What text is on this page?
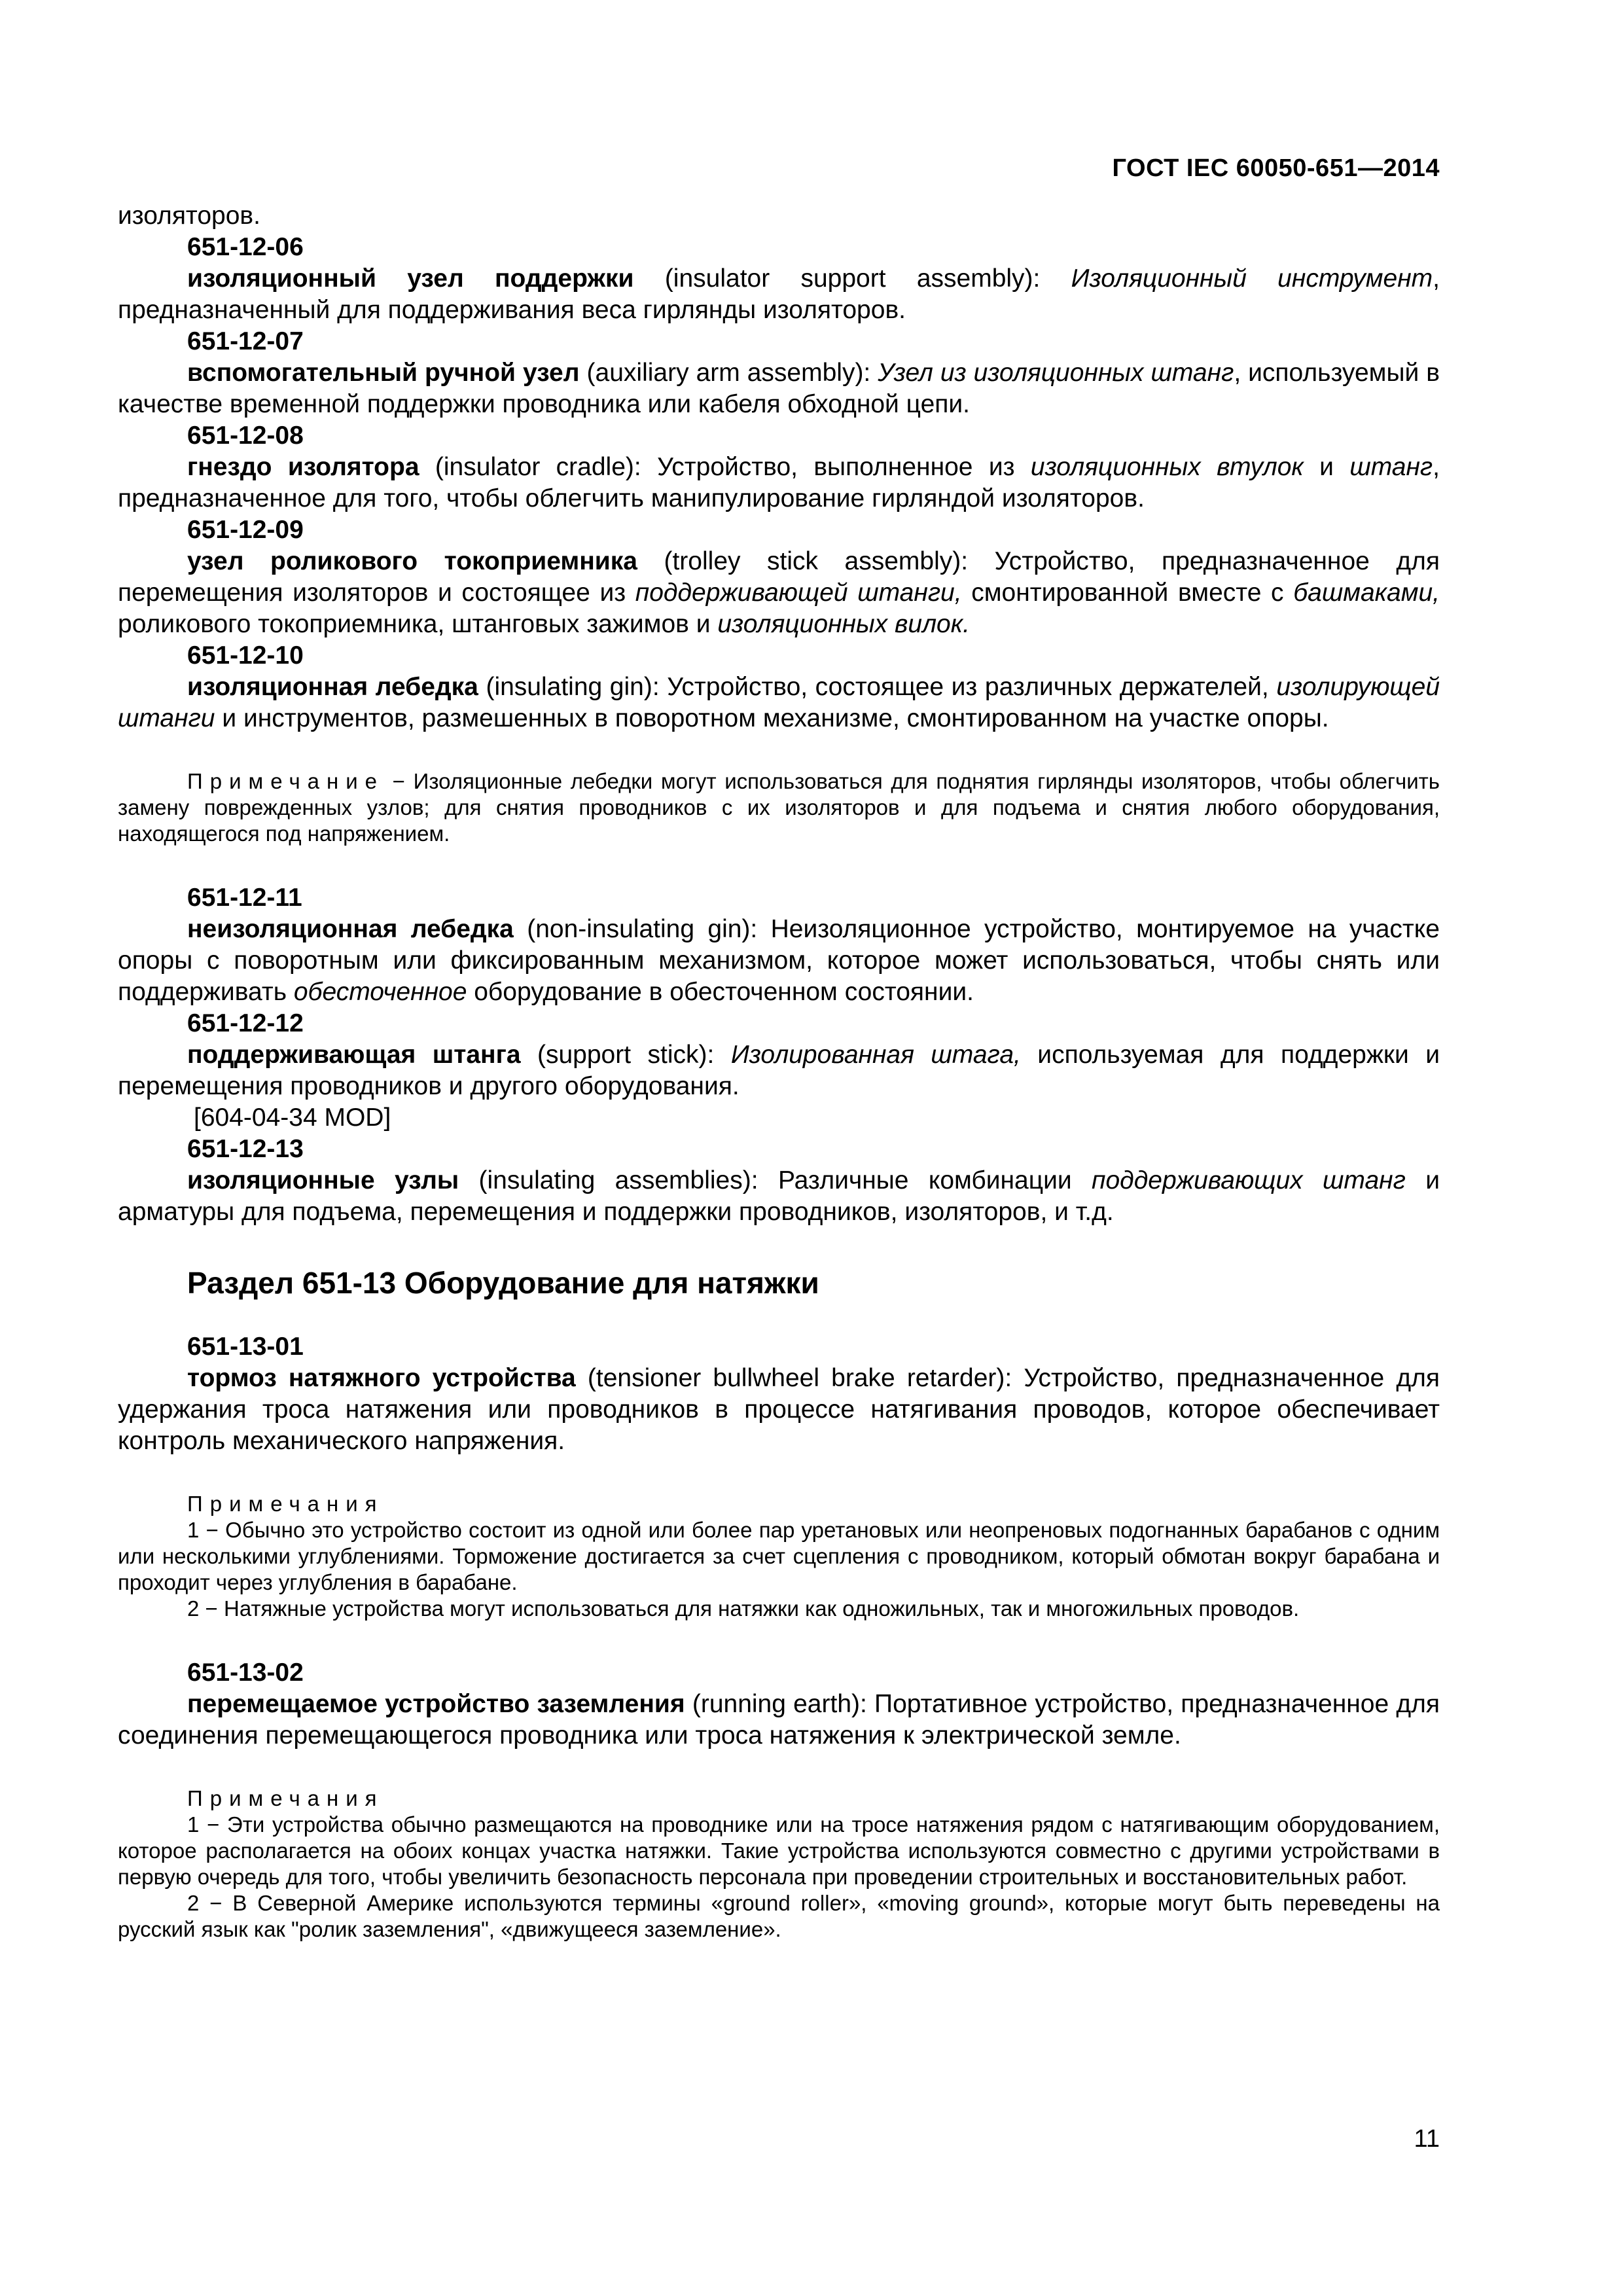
ГОСТ IEC 60050-651—2014

изоляторов.

651-12-06

изоляционный узел поддержки (insulator support assembly): Изоляционный инструмент, предназначенный для поддерживания веса гирлянды изоляторов.

651-12-07

вспомогательный ручной узел (auxiliary arm assembly): Узел из изоляционных штанг, используемый в качестве временной поддержки проводника или кабеля обходной цепи.

651-12-08

гнездо изолятора (insulator cradle): Устройство, выполненное из изоляционных втулок и штанг, предназначенное для того, чтобы облегчить манипулирование гирляндой изоляторов.

651-12-09

узел роликового токоприемника (trolley stick assembly): Устройство, предназначенное для перемещения изоляторов и состоящее из поддерживающей штанги, смонтированной вместе с башмаками, роликового токоприемника, штанговых зажимов и изоляционных вилок.

651-12-10

изоляционная лебедка (insulating gin): Устройство, состоящее из различных держателей, изолирующей штанги и инструментов, размешенных в поворотном механизме, смонтированном на участке опоры.

Примечание − Изоляционные лебедки могут использоваться для поднятия гирлянды изоляторов, чтобы облегчить замену поврежденных узлов; для снятия проводников с их изоляторов и для подъема и снятия любого оборудования, находящегося под напряжением.

651-12-11

неизоляционная лебедка (non-insulating gin): Неизоляционное устройство, монтируемое на участке опоры с поворотным или фиксированным механизмом, которое может использоваться, чтобы снять или поддерживать обесточенное оборудование в обесточенном состоянии.

651-12-12

поддерживающая штанга (support stick): Изолированная штага, используемая для поддержки и перемещения проводников и другого оборудования.

[604-04-34 MOD]

651-12-13

изоляционные узлы (insulating assemblies): Различные комбинации поддерживающих штанг и арматуры для подъема, перемещения и поддержки проводников, изоляторов, и т.д.

Раздел 651-13 Оборудование для натяжки

651-13-01

тормоз натяжного устройства (tensioner bullwheel brake retarder): Устройство, предназначенное для удержания троса натяжения или проводников в процессе натягивания проводов, которое обеспечивает контроль механического напряжения.

Примечания

1 − Обычно это устройство состоит из одной или более пар уретановых или неопреновых подогнанных барабанов с одним или несколькими углублениями. Торможение достигается за счет сцепления с проводником, который обмотан вокруг барабана и проходит через углубления в барабане.

2 − Натяжные устройства могут использоваться для натяжки как одножильных, так и многожильных проводов.

651-13-02

перемещаемое устройство заземления (running earth): Портативное устройство, предназначенное для соединения перемещающегося проводника или троса натяжения к электрической земле.

Примечания

1 − Эти устройства обычно размещаются на проводнике или на тросе натяжения рядом с натягивающим оборудованием, которое располагается на обоих концах участка натяжки. Такие устройства используются совместно с другими устройствами в первую очередь для того, чтобы увеличить безопасность персонала при проведении строительных и восстановительных работ.

2 − В Северной Америке используются термины «ground roller», «moving ground», которые могут быть переведены на русский язык как "ролик заземления", «движущееся заземление».

11
